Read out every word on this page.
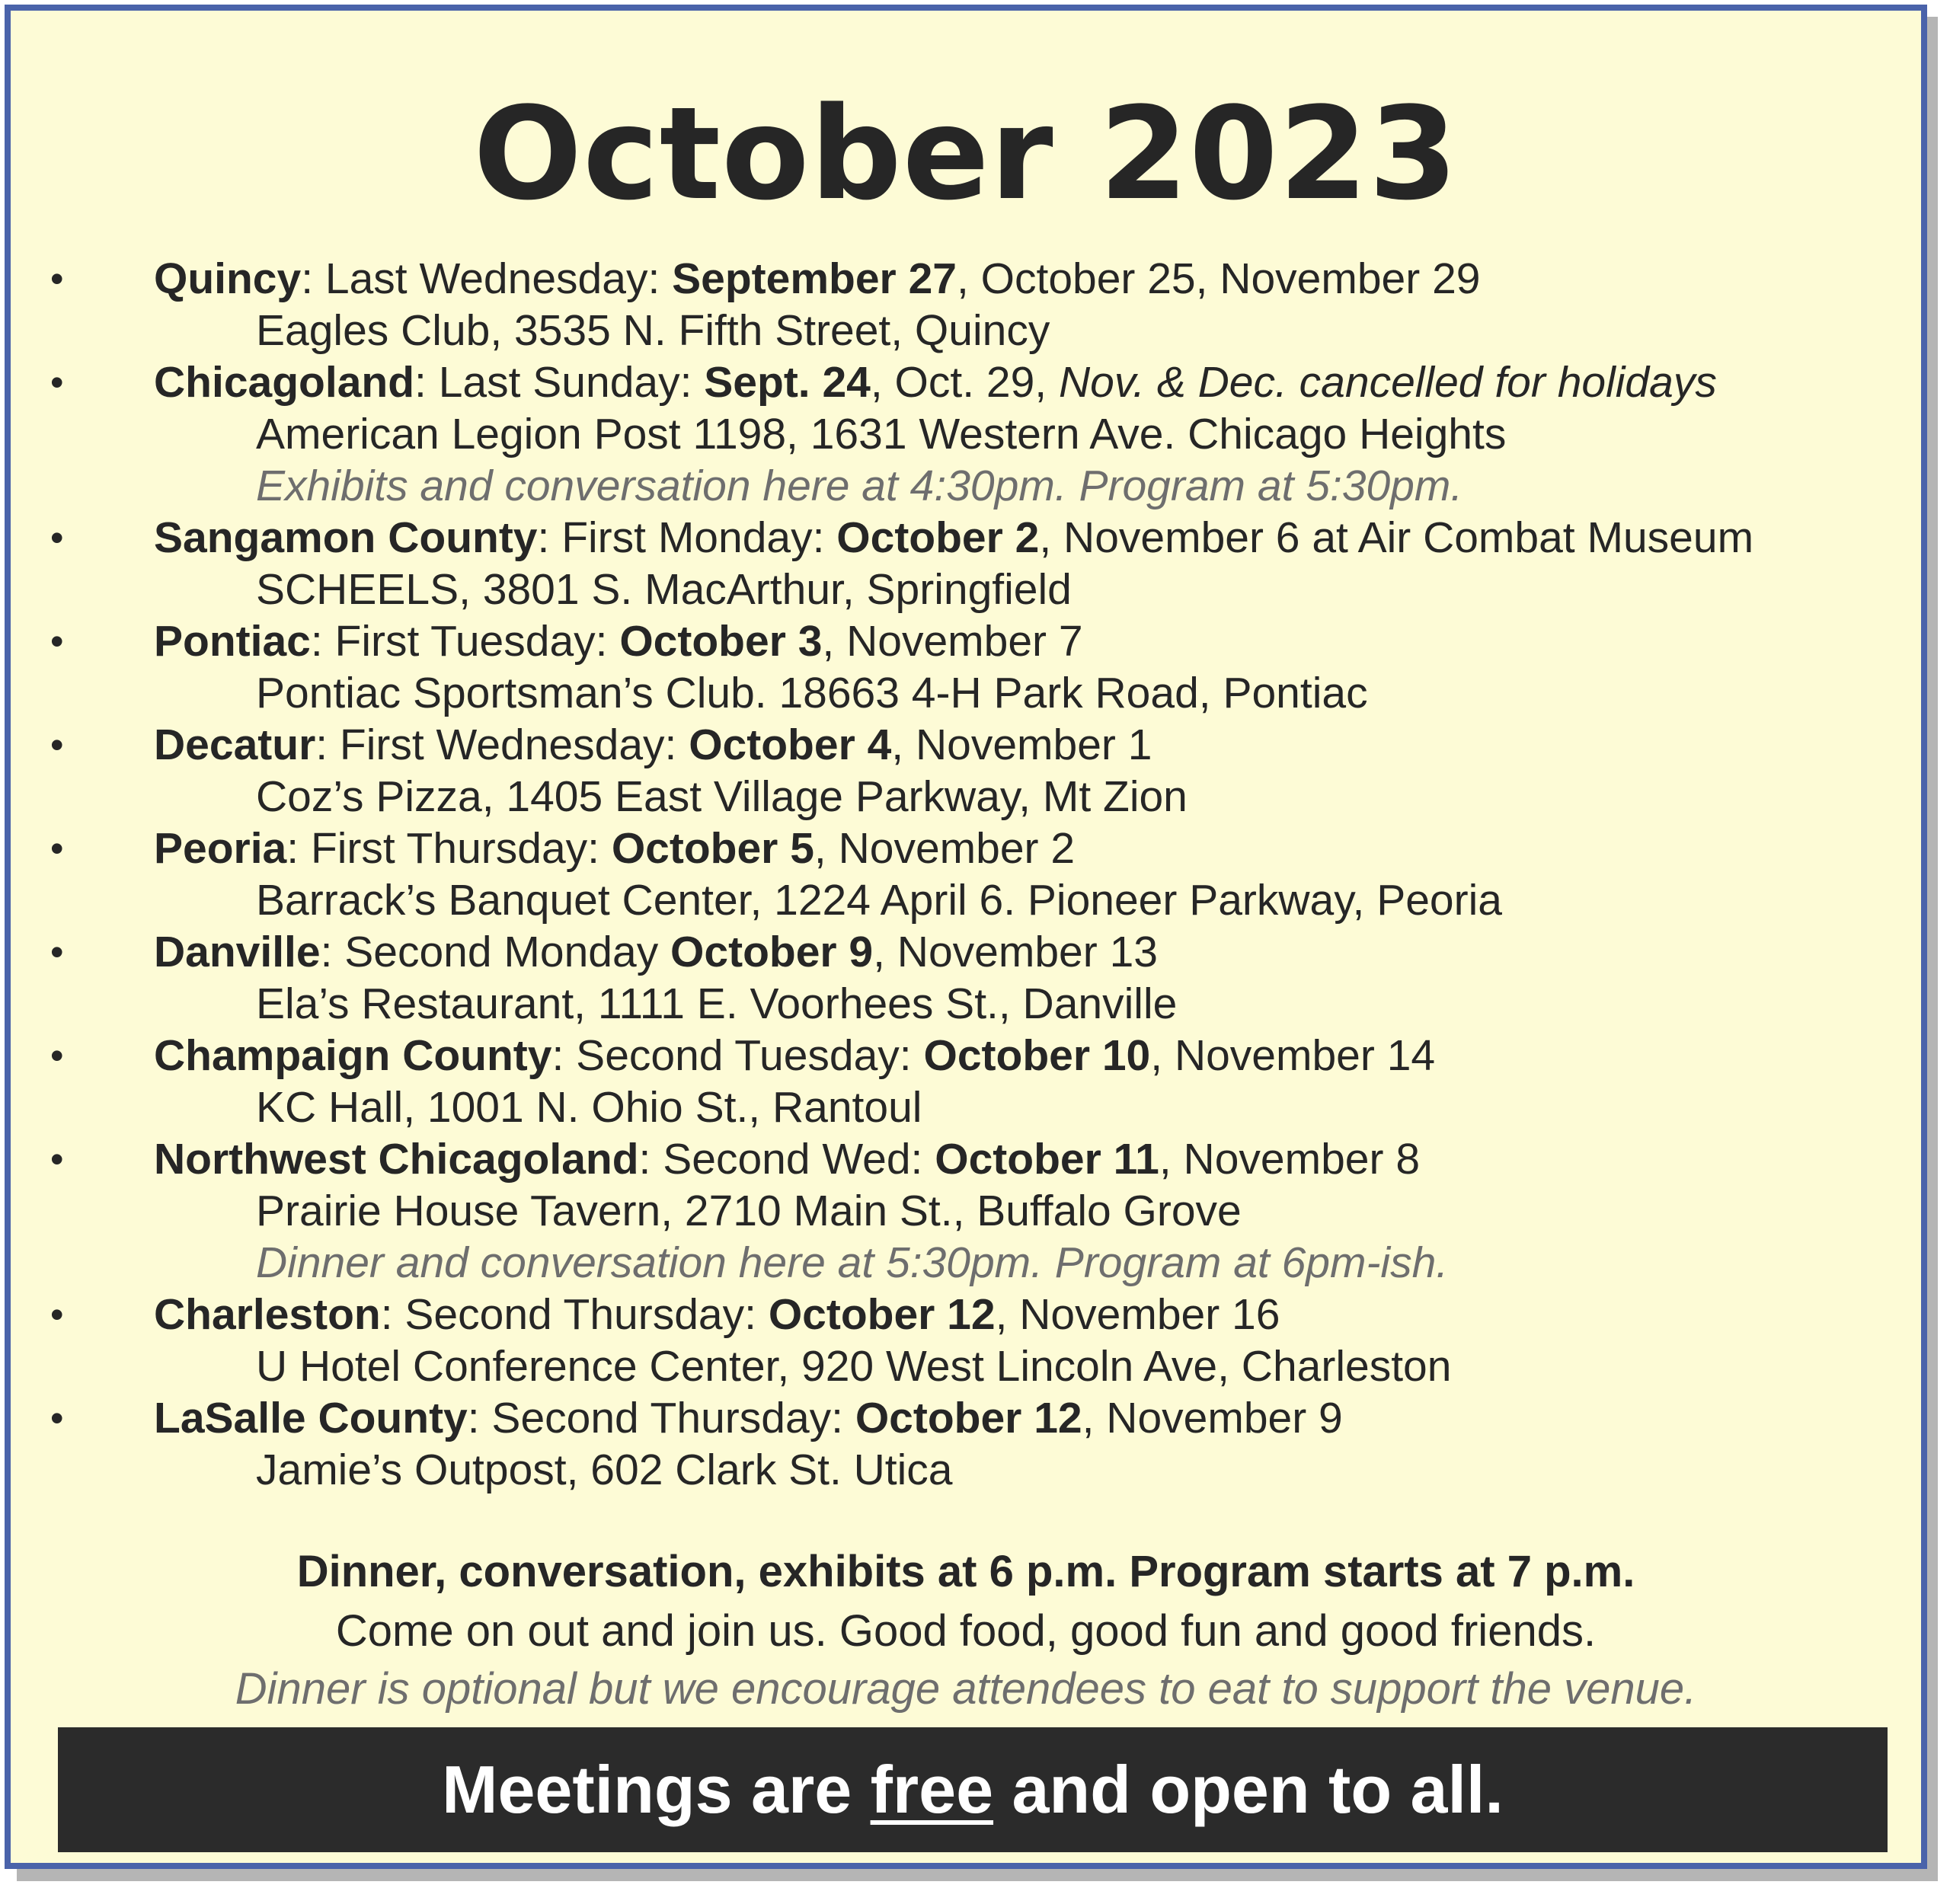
October 2023
• Quincy: Last Wednesday: September 27, October 25, November 29
Eagles Club, 3535 N. Fifth Street, Quincy
• Chicagoland: Last Sunday: Sept. 24, Oct. 29, Nov. & Dec. cancelled for holidays
American Legion Post 1198, 1631 Western Ave. Chicago Heights
Exhibits and conversation here at 4:30pm. Program at 5:30pm.
• Sangamon County: First Monday: October 2, November 6 at Air Combat Museum
SCHEELS, 3801 S. MacArthur, Springfield
• Pontiac: First Tuesday: October 3, November 7
Pontiac Sportsman’s Club. 18663 4-H Park Road, Pontiac
• Decatur: First Wednesday: October 4, November 1
Coz’s Pizza, 1405 East Village Parkway, Mt Zion
• Peoria: First Thursday: October 5, November 2
Barrack’s Banquet Center, 1224 April 6. Pioneer Parkway, Peoria
• Danville: Second Monday October 9, November 13
Ela’s Restaurant, 1111 E. Voorhees St., Danville
• Champaign County: Second Tuesday: October 10, November 14
KC Hall, 1001 N. Ohio St., Rantoul
• Northwest Chicagoland: Second Wed: October 11, November 8
Prairie House Tavern, 2710 Main St., Buffalo Grove
Dinner and conversation here at 5:30pm. Program at 6pm-ish.
• Charleston: Second Thursday: October 12, November 16
U Hotel Conference Center, 920 West Lincoln Ave, Charleston
• LaSalle County: Second Thursday: October 12, November 9
Jamie’s Outpost, 602 Clark St. Utica
Dinner, conversation, exhibits at 6 p.m. Program starts at 7 p.m.
Come on out and join us. Good food, good fun and good friends.
Dinner is optional but we encourage attendees to eat to support the venue.
Meetings are free and open to all.
